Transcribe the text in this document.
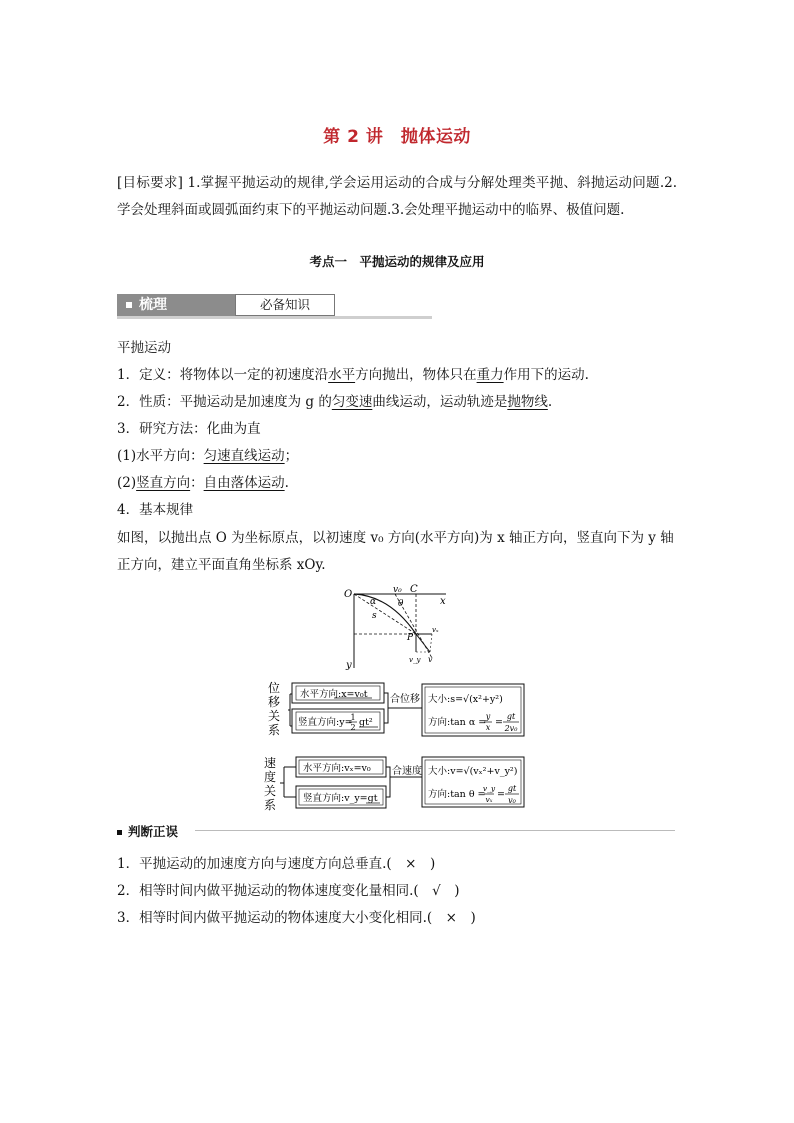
第 2 讲　抛体运动
[目标要求] 1.掌握平抛运动的规律,学会运用运动的合成与分解处理类平抛、斜抛运动问题.2.学会处理斜面或圆弧面约束下的平抛运动问题.3.会处理平抛运动中的临界、极值问题.
考点一　平抛运动的规律及应用
梳理	必备知识
平抛运动
1．定义：将物体以一定的初速度沿水平方向抛出，物体只在重力作用下的运动.
2．性质：平抛运动是加速度为 g 的匀变速曲线运动，运动轨迹是抛物线.
3．研究方法：化曲为直
(1)水平方向：匀速直线运动；
(2)竖直方向：自由落体运动.
4．基本规律
如图，以抛出点 O 为坐标原点，以初速度 v₀ 方向(水平方向)为 x 轴正方向，竖直向下为 y 轴
正方向，建立平面直角坐标系 xOy.
O	v₀ C
x
θ
α
s
P
vₓ
v_y v
y
位
移
关
系
水平方向:x=v₀t
竖直方向:y=
1
2 gt²
合位移 大小:s=√(x²+y²)
方向:tan α =
y
x =
gt
2v₀
速
度
关
系
水平方向:vₓ=v₀
竖直方向:v_y=gt
合速度 大小:v=√(vₓ²+v_y²)
方向:tan θ =
v_y
vₓ =
gt
v₀
判断正误
1．平抛运动的加速度方向与速度方向总垂直.(　×　)
2．相等时间内做平抛运动的物体速度变化量相同.(　√　)
3．相等时间内做平抛运动的物体速度大小变化相同.(　×　)
